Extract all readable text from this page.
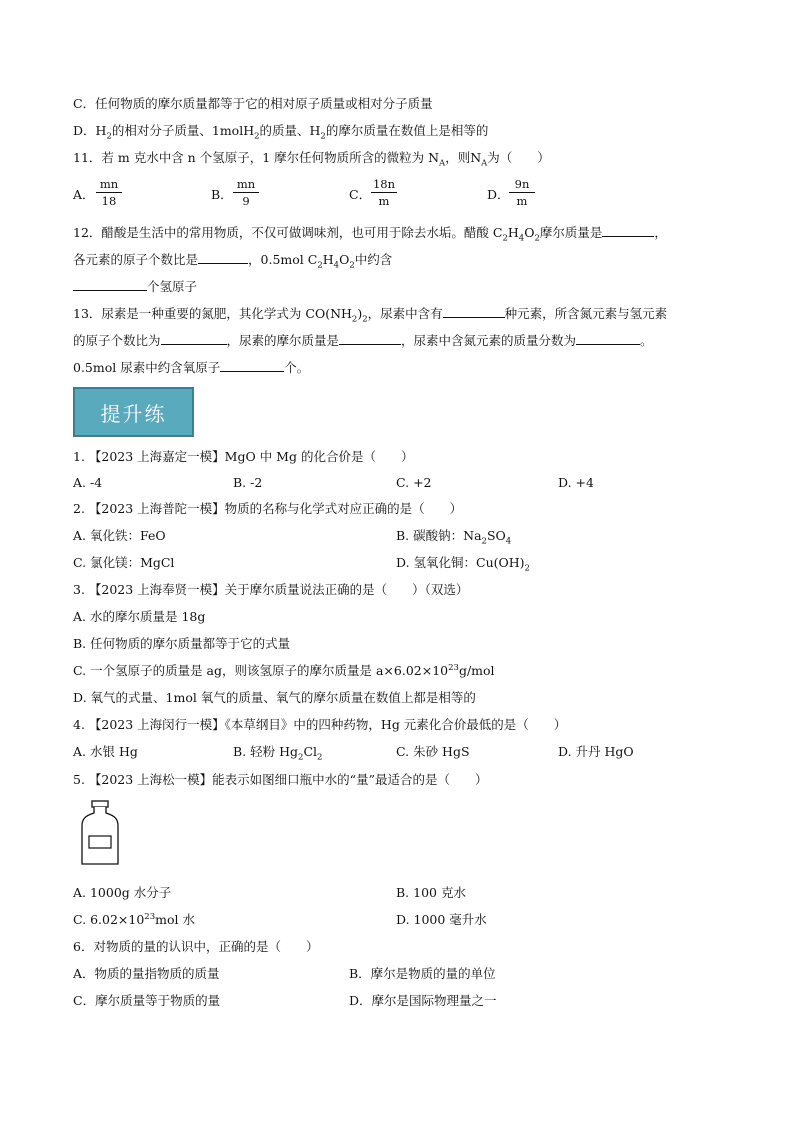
C．任何物质的摩尔质量都等于它的相对原子质量或相对分子质量
D．$H_2$的相对分子质量、1molH$_2$的质量、$H_2$的摩尔质量在数值上是相等的
11．若 m 克水中含 n 个氢原子，1 摩尔任何物质所含的微粒为 $N_A$，则$N_A$为（　　）
A． $\frac{mn}{18}$	B． $\frac{mn}{9}$	C． $\frac{18n}{m}$	D． $\frac{9n}{m}$
12．醋酸是生活中的常用物质，不仅可做调味剂，也可用于除去水垢。醋酸 $C_2H_4O_2$摩尔质量是	，
各元素的原子个数比是	，0.5mol $C_2H_4O_2$中约含
个氢原子
13．尿素是一种重要的氮肥，其化学式为 $CO(NH_2)_2$，尿素中含有	种元素，所含氮元素与氢元素
的原子个数比为	，尿素的摩尔质量是	，尿素中含氮元素的质量分数为	。
0.5mol 尿素中约含氧原子	个。
提升练
1. 【2023 上海嘉定一模】MgO 中 Mg 的化合价是（　　）
A. -4	B. -2	C. +2	D. +4
2. 【2023 上海普陀一模】物质的名称与化学式对应正确的是（　　）
A. 氧化铁：FeO	B. 碳酸钠：$Na_2SO_4$
C. 氯化镁：MgCl	D. 氢氧化铜：$Cu(OH)_2$
3. 【2023 上海奉贤一模】关于摩尔质量说法正确的是（　　）（双选）
A. 水的摩尔质量是 18g
B. 任何物质的摩尔质量都等于它的式量
C. 一个氢原子的质量是 ag，则该氢原子的摩尔质量是 $a\times 6.02\times 10^{23}g$/mol
D. 氧气的式量、1mol 氧气的质量、氧气的摩尔质量在数值上都是相等的
4. 【2023 上海闵行一模】《本草纲目》中的四种药物，Hg 元素化合价最低的是（　　）
A. 水银 Hg	B. 轻粉 $Hg_2Cl_2$	C. 朱砂 HgS	D. 升丹 HgO
5. 【2023 上海松一模】能表示如图细口瓶中水的“量”最适合的是（　　）
A. 1000g 水分子	B. 100 克水
C. $6.02\times 10^{23}mol$ 水	D. 1000 毫升水
6．对物质的量的认识中，正确的是（　　）
A．物质的量指物质的质量	B．摩尔是物质的量的单位
C．摩尔质量等于物质的量	D．摩尔是国际物理量之一
